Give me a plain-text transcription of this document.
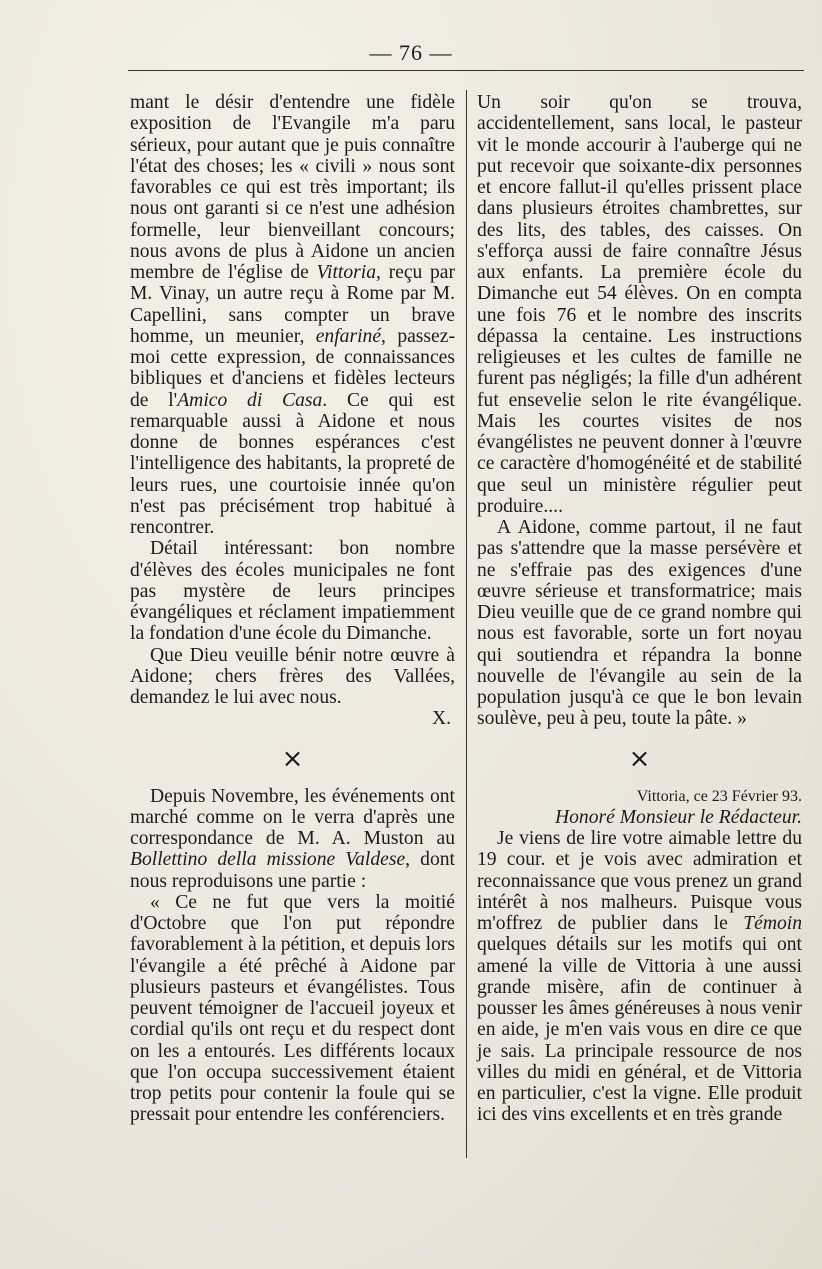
— 76 —

mant le désir d'entendre une fidèle exposition de l'Evangile m'a paru sérieux, pour autant que je puis connaître l'état des choses; les « civili » nous sont favorables ce qui est très important; ils nous ont garanti si ce n'est une adhésion formelle, leur bienveillant concours; nous avons de plus à Aidone un ancien membre de l'église de Vittoria, reçu par M. Vinay, un autre reçu à Rome par M. Capellini, sans compter un brave homme, un meunier, enfariné, passez-moi cette expression, de connaissances bibliques et d'anciens et fidèles lecteurs de l'Amico di Casa. Ce qui est remarquable aussi à Aidone et nous donne de bonnes espérances c'est l'intelligence des habitants, la propreté de leurs rues, une courtoisie innée qu'on n'est pas précisément trop habitué à rencontrer.

Détail intéressant: bon nombre d'élèves des écoles municipales ne font pas mystère de leurs principes évangéliques et réclament impatiemment la fondation d'une école du Dimanche.

Que Dieu veuille bénir notre œuvre à Aidone; chers frères des Vallées, demandez le lui avec nous.

X.

×

Depuis Novembre, les événements ont marché comme on le verra d'après une correspondance de M. A. Muston au Bollettino della missione Valdese, dont nous reproduisons une partie :

« Ce ne fut que vers la moitié d'Octobre que l'on put répondre favorablement à la pétition, et depuis lors l'évangile a été prêché à Aidone par plusieurs pasteurs et évangélistes. Tous peuvent témoigner de l'accueil joyeux et cordial qu'ils ont reçu et du respect dont on les a entourés. Les différents locaux que l'on occupa successivement étaient trop petits pour contenir la foule qui se pressait pour entendre les conférenciers.

Un soir qu'on se trouva, accidentellement, sans local, le pasteur vit le monde accourir à l'auberge qui ne put recevoir que soixante-dix personnes et encore fallut-il qu'elles prissent place dans plusieurs étroites chambrettes, sur des lits, des tables, des caisses. On s'efforça aussi de faire connaître Jésus aux enfants. La première école du Dimanche eut 54 élèves. On en compta une fois 76 et le nombre des inscrits dépassa la centaine. Les instructions religieuses et les cultes de famille ne furent pas négligés; la fille d'un adhérent fut ensevelie selon le rite évangélique. Mais les courtes visites de nos évangélistes ne peuvent donner à l'œuvre ce caractère d'homogénéité et de stabilité que seul un ministère régulier peut produire....

A Aidone, comme partout, il ne faut pas s'attendre que la masse persévère et ne s'effraie pas des exigences d'une œuvre sérieuse et transformatrice; mais Dieu veuille que de ce grand nombre qui nous est favorable, sorte un fort noyau qui soutiendra et répandra la bonne nouvelle de l'évangile au sein de la population jusqu'à ce que le bon levain soulève, peu à peu, toute la pâte. »

×

Vittoria, ce 23 Février 93.

Honoré Monsieur le Rédacteur.

Je viens de lire votre aimable lettre du 19 cour. et je vois avec admiration et reconnaissance que vous prenez un grand intérêt à nos malheurs. Puisque vous m'offrez de publier dans le Témoin quelques détails sur les motifs qui ont amené la ville de Vittoria à une aussi grande misère, afin de continuer à pousser les âmes généreuses à nous venir en aide, je m'en vais vous en dire ce que je sais. La principale ressource de nos villes du midi en général, et de Vittoria en particulier, c'est la vigne. Elle produit ici des vins excellents et en très grande
